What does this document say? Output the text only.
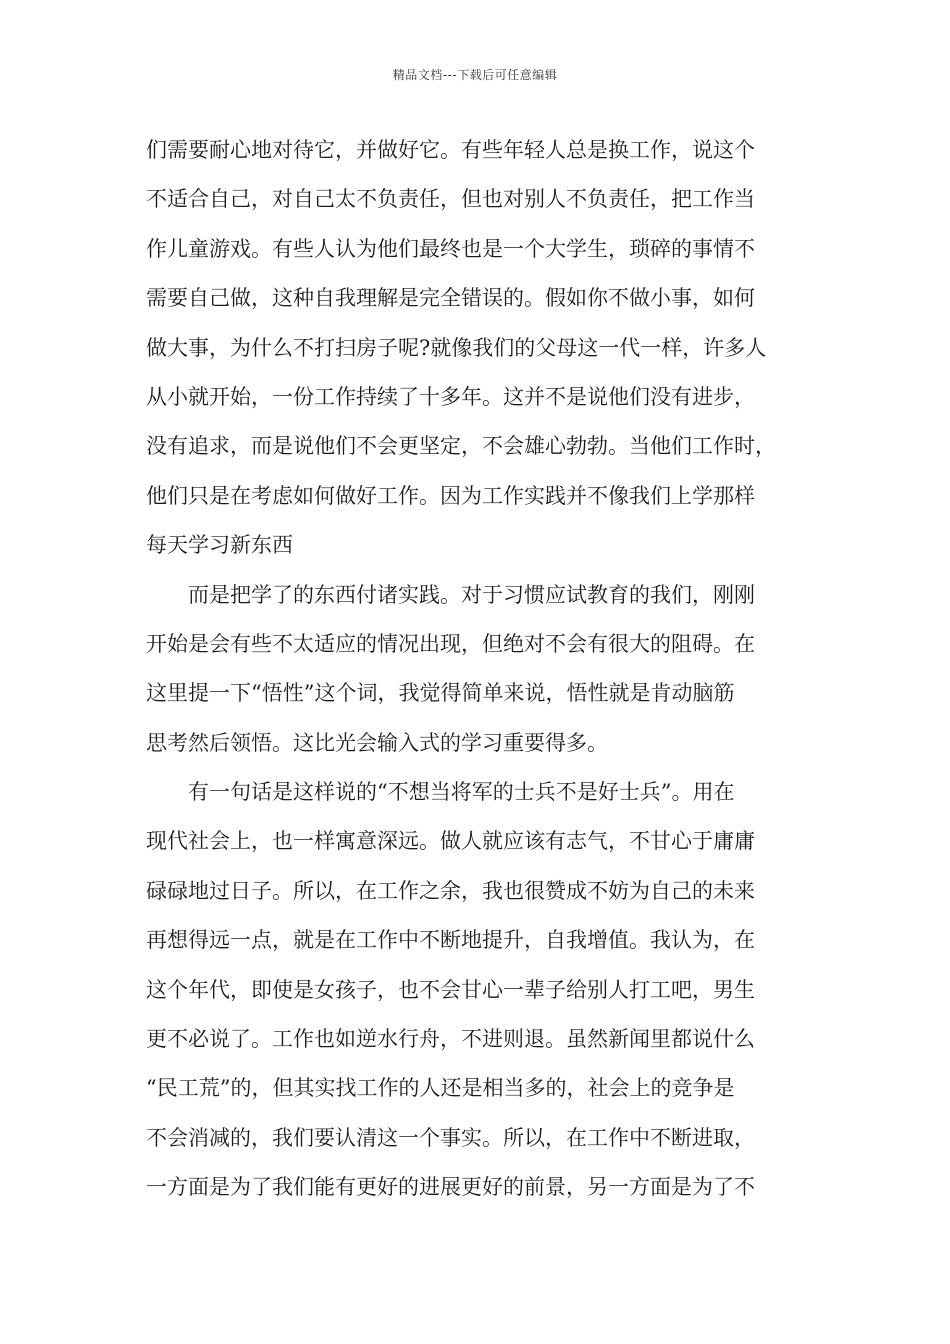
精品文档---下载后可任意编辑
们需要耐心地对待它，并做好它。有些年轻人总是换工作，说这个
不适合自己，对自己太不负责任，但也对别人不负责任，把工作当
作儿童游戏。有些人认为他们最终也是一个大学生，琐碎的事情不
需要自己做，这种自我理解是完全错误的。假如你不做小事，如何
做大事，为什么不打扫房子呢?就像我们的父母这一代一样，许多人
从小就开始，一份工作持续了十多年。这并不是说他们没有进步，
没有追求，而是说他们不会更坚定，不会雄心勃勃。当他们工作时，
他们只是在考虑如何做好工作。因为工作实践并不像我们上学那样
每天学习新东西
而是把学了的东西付诸实践。对于习惯应试教育的我们，刚刚
开始是会有些不太适应的情况出现，但绝对不会有很大的阻碍。在
这里提一下“悟性”这个词，我觉得简单来说，悟性就是肯动脑筋
思考然后领悟。这比光会输入式的学习重要得多。
有一句话是这样说的“不想当将军的士兵不是好士兵”。用在
现代社会上，也一样寓意深远。做人就应该有志气，不甘心于庸庸
碌碌地过日子。所以，在工作之余，我也很赞成不妨为自己的未来
再想得远一点，就是在工作中不断地提升，自我增值。我认为，在
这个年代，即使是女孩子，也不会甘心一辈子给别人打工吧，男生
更不必说了。工作也如逆水行舟，不进则退。虽然新闻里都说什么
“民工荒”的，但其实找工作的人还是相当多的，社会上的竞争是
不会消减的，我们要认清这一个事实。所以，在工作中不断进取，
一方面是为了我们能有更好的进展更好的前景，另一方面是为了不
